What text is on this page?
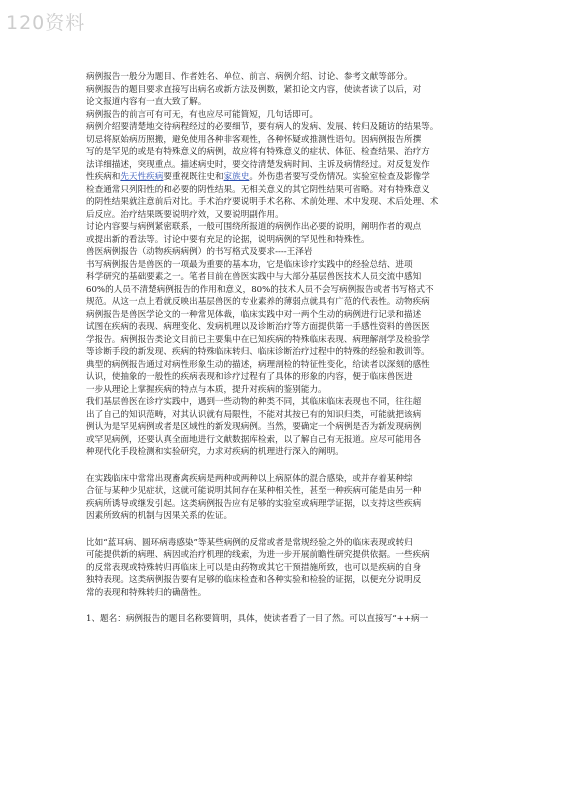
120资料
病例报告一般分为题目、作者姓名、单位、前言、病例介绍、讨论、参考文献等部分。
病例报告的题目要求直接写出病名或新方法及例数，紧扣论文内容，使读者读了以后，对
论文报道内容有一直大致了解。
病例报告的前言可有可无，有也应尽可能简短，几句话即可。
病例介绍要清楚地交待病程经过的必要细节，要有病人的发病、发展、转归及随访的结果等。
切忌将原始病历照搬，避免使用各种非客观性，各种怀疑或推测性语句。因病例报告所撰
写的是罕见的或是有特殊意义的病例，故应将有特殊意义的症状、体征、检查结果、治疗方
法详细描述，突现重点。描述病史时，要交待清楚发病时间、主诉及病情经过。对反复发作
性疾病和先天性疾病要重视既往史和家族史。外伤患者要写受伤情况。实验室检查及影像学
检查通常只列阳性的和必要的阴性结果。无相关意义的其它阴性结果可省略。对有特殊意义
的阴性结果就注意前后对比。手术治疗要说明手术名称、术前处理、术中发现、术后处理、术
后反应。治疗结果既要说明疗效，又要说明副作用。
讨论内容要与病例紧密联系，一般可围绕所报道的病例作出必要的说明，阐明作者的观点
或提出新的看法等。讨论中要有充足的论据，说明病例的罕见性和特殊性。
兽医病例报告（动物疾病病例）的书写格式及要求----王泽岩
书写病例报告是兽医的一项最为重要的基本功，它是临床诊疗实践中的经验总结、进项
科学研究的基础要素之一。笔者目前在兽医实践中与大部分基层兽医技术人员交流中感知
60%的人员不清楚病例报告的作用和意义，80%的技术人员不会写病例报告或者书写格式不
规范。从这一点上看就反映出基层兽医的专业素养的薄弱点就具有广范的代表性。动物疾病
病例报告是兽医学论文的一种常见体裁，临床实践中对一两个生动的病例进行记录和描述
试图在疾病的表现、病理变化、发病机理以及诊断治疗等方面提供第一手感性资料的兽医医
学报告。病例报告类论文目前已主要集中在已知疾病的特殊临床表现、病理解剖学及检验学
等诊断手段的新发现、疾病的特殊临床转归、临床诊断治疗过程中的特殊的经验和教训等。
典型的病例报告通过对病性形象生动的描述，病理剖检的特征性变化，给读者以深刻的感性
认识，使抽象的一般性的疾病表现和诊疗过程有了具体的形象的内容，便于临床兽医进
一步从理论上掌握疾病的特点与本质，提升对疾病的鉴别能力。
我们基层兽医在诊疗实践中，遇到一些动物的种类不同，其临床临床表现也不同，往往超
出了自己的知识范畴，对其认识就有局限性，不能对其按已有的知识归类，可能就把该病
例认为是罕见病例或者是区域性的新发现病例。当然，要确定一个病例是否为新发现病例
或罕见病例，还要认真全面地进行文献数据库检索，以了解自己有无报道。应尽可能用各
种现代化手段检测和实验研究，力求对疾病的机理进行深入的阐明。
在实践临床中常常出现畜禽疾病是两种或两种以上病原体的混合感染，或并存着某种综
合征与某种少见症状，这就可能说明其间存在某种相关性，甚至一种疾病可能是由另一种
疾病所诱导或继发引起。这类病例报告应有足够的实验室或病理学证据，以支持这些疾病
因素所致病的机制与因果关系的佐证。
比如“蓝耳病、圆环病毒感染”等某些病例的反常或者是常规经验之外的临床表现或转归
可能提供新的病理、病因或治疗机理的线索，为进一步开展前瞻性研究提供依据。一些疾病
的反常表现或特殊转归再临床上可以是由药物或其它干预措施所致，也可以是疾病的自身
独特表现。这类病例报告要有足够的临床检查和各种实验和检验的证据，以便充分说明反
常的表现和特殊转归的确凿性。
1、题名：病例报告的题目名称要简明，具体，使读者看了一目了然。可以直接写“++病一
